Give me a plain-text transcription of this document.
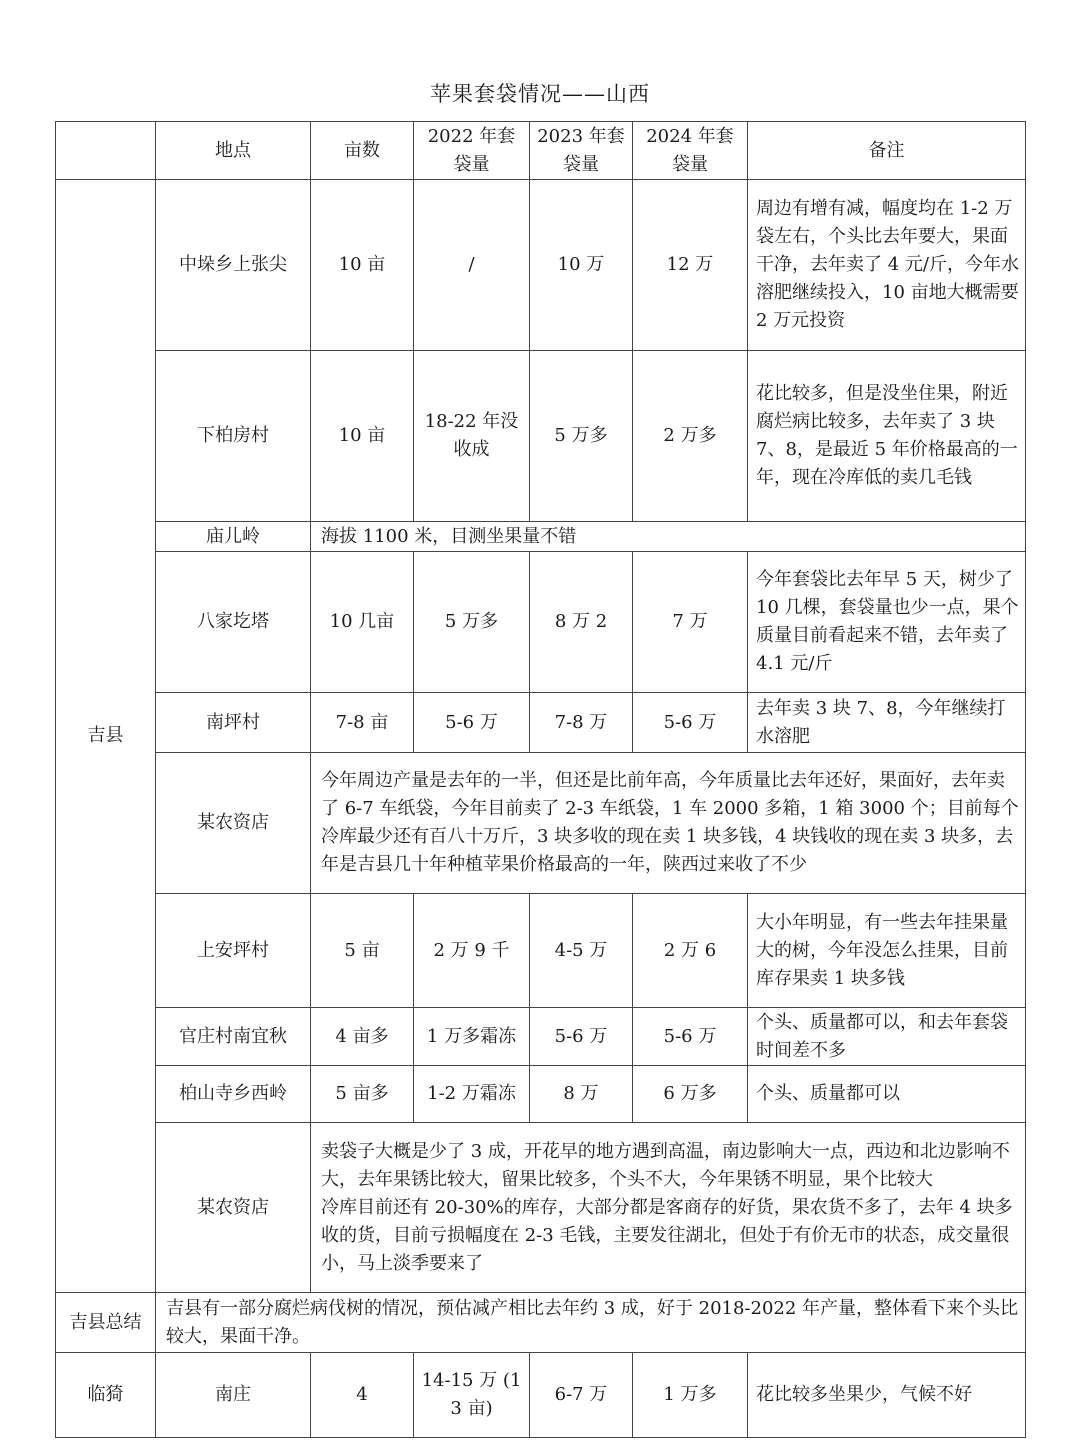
苹果套袋情况——山西
	地点	亩数	2022 年套袋量	2023 年套袋量	2024 年套袋量	备注
吉县	中垛乡上张尖	10 亩	/	10 万	12 万	周边有增有减，幅度均在 1-2 万袋左右，个头比去年要大，果面干净，去年卖了 4 元/斤，今年水溶肥继续投入，10 亩地大概需要 2 万元投资
	下柏房村	10 亩	18-22 年没收成	5 万多	2 万多	花比较多，但是没坐住果，附近腐烂病比较多，去年卖了 3 块 7、8，是最近 5 年价格最高的一年，现在冷库低的卖几毛钱
	庙儿岭	海拔 1100 米，目测坐果量不错				
	八家圪塔	10 几亩	5 万多	8 万 2	7 万	今年套袋比去年早 5 天，树少了 10 几棵，套袋量也少一点，果个质量目前看起来不错，去年卖了 4.1 元/斤
	南坪村	7-8 亩	5-6 万	7-8 万	5-6 万	去年卖 3 块 7、8，今年继续打水溶肥
	某农资店	今年周边产量是去年的一半，但还是比前年高，今年质量比去年还好，果面好，去年卖了 6-7 车纸袋，今年目前卖了 2-3 车纸袋，1 车 2000 多箱，1 箱 3000 个；目前每个冷库最少还有百八十万斤，3 块多收的现在卖 1 块多钱，4 块钱收的现在卖 3 块多，去年是吉县几十年种植苹果价格最高的一年，陕西过来收了不少				
	上安坪村	5 亩	2 万 9 千	4-5 万	2 万 6	大小年明显，有一些去年挂果量大的树，今年没怎么挂果，目前库存果卖 1 块多钱
	官庄村南宜秋	4 亩多	1 万多霜冻	5-6 万	5-6 万	个头、质量都可以，和去年套袋时间差不多
	柏山寺乡西岭	5 亩多	1-2 万霜冻	8 万	6 万多	个头、质量都可以
	某农资店	卖袋子大概是少了 3 成，开花早的地方遇到高温，南边影响大一点，西边和北边影响不大，去年果锈比较大，留果比较多，个头不大，今年果锈不明显，果个比较大
冷库目前还有 20-30%的库存，大部分都是客商存的好货，果农货不多了，去年 4 块多收的货，目前亏损幅度在 2-3 毛钱，主要发往湖北，但处于有价无市的状态，成交量很小，马上淡季要来了				

吉县总结	吉县有一部分腐烂病伐树的情况，预估减产相比去年约 3 成，好于 2018-2022 年产量，整体看下来个头比较大，果面干净。					
临猗	南庄	4	14-15 万 (13 亩)	6-7 万	1 万多	花比较多坐果少，气候不好
